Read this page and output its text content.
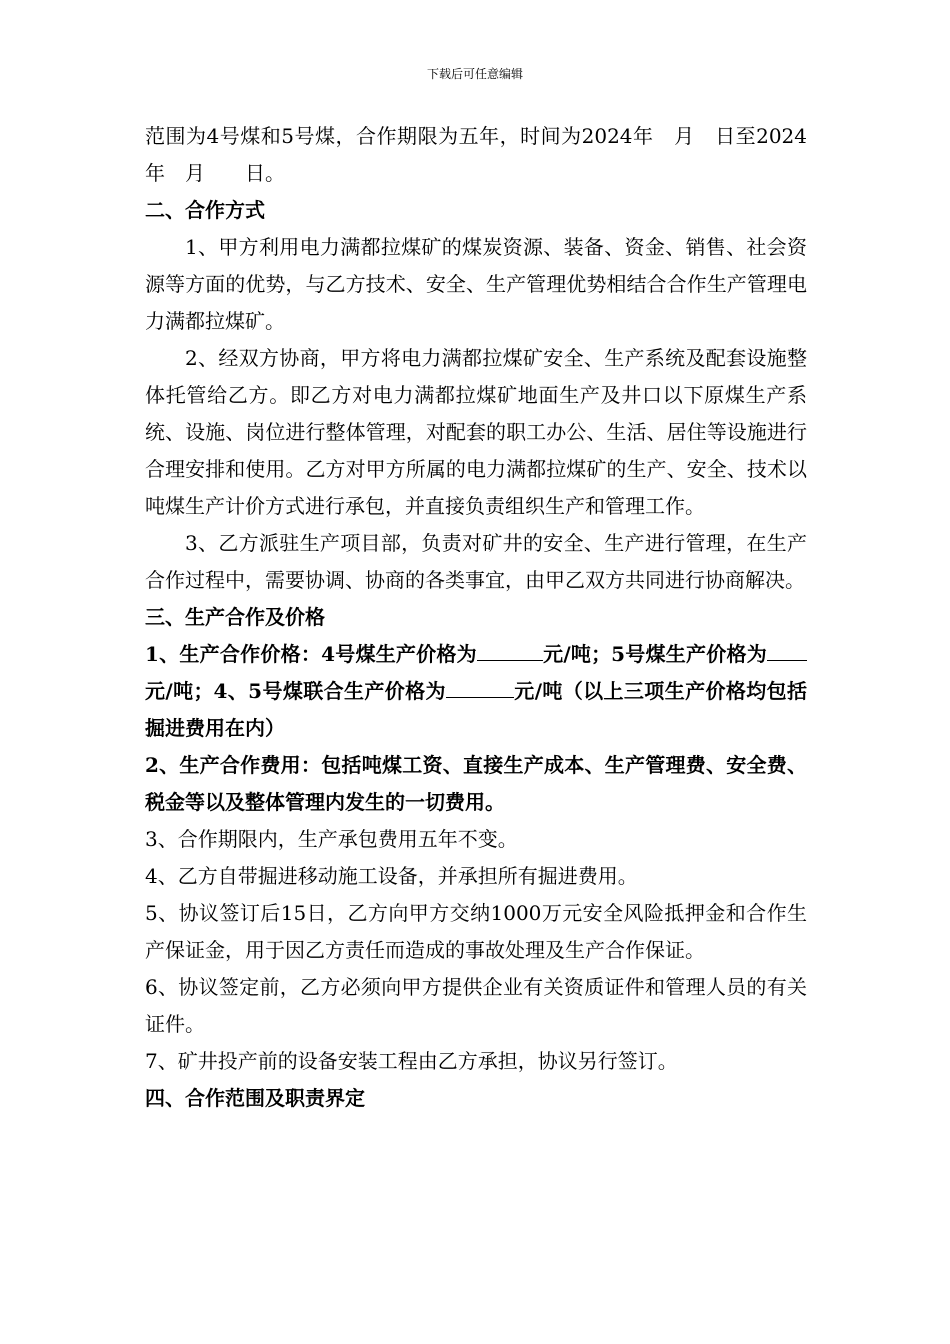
下载后可任意编辑

范围为4号煤和5号煤，合作期限为五年，时间为2024年　月　日至2024年　月　　日。

二、合作方式

1、甲方利用电力满都拉煤矿的煤炭资源、装备、资金、销售、社会资源等方面的优势，与乙方技术、安全、生产管理优势相结合合作生产管理电力满都拉煤矿。

2、经双方协商，甲方将电力满都拉煤矿安全、生产系统及配套设施整体托管给乙方。即乙方对电力满都拉煤矿地面生产及井口以下原煤生产系统、设施、岗位进行整体管理，对配套的职工办公、生活、居住等设施进行合理安排和使用。乙方对甲方所属的电力满都拉煤矿的生产、安全、技术以吨煤生产计价方式进行承包，并直接负责组织生产和管理工作。

3、乙方派驻生产项目部，负责对矿井的安全、生产进行管理，在生产合作过程中，需要协调、协商的各类事宜，由甲乙双方共同进行协商解决。

三、生产合作及价格

1、生产合作价格：4号煤生产价格为	元/吨；5号煤生产价格为元/吨；4、5号煤联合生产价格为	元/吨（以上三项生产价格均包括掘进费用在内）

2、生产合作费用：包括吨煤工资、直接生产成本、生产管理费、安全费、税金等以及整体管理内发生的一切费用。

3、合作期限内，生产承包费用五年不变。

4、乙方自带掘进移动施工设备，并承担所有掘进费用。

5、协议签订后15日，乙方向甲方交纳1000万元安全风险抵押金和合作生产保证金，用于因乙方责任而造成的事故处理及生产合作保证。

6、协议签定前，乙方必须向甲方提供企业有关资质证件和管理人员的有关证件。

7、矿井投产前的设备安装工程由乙方承担，协议另行签订。

四、合作范围及职责界定
